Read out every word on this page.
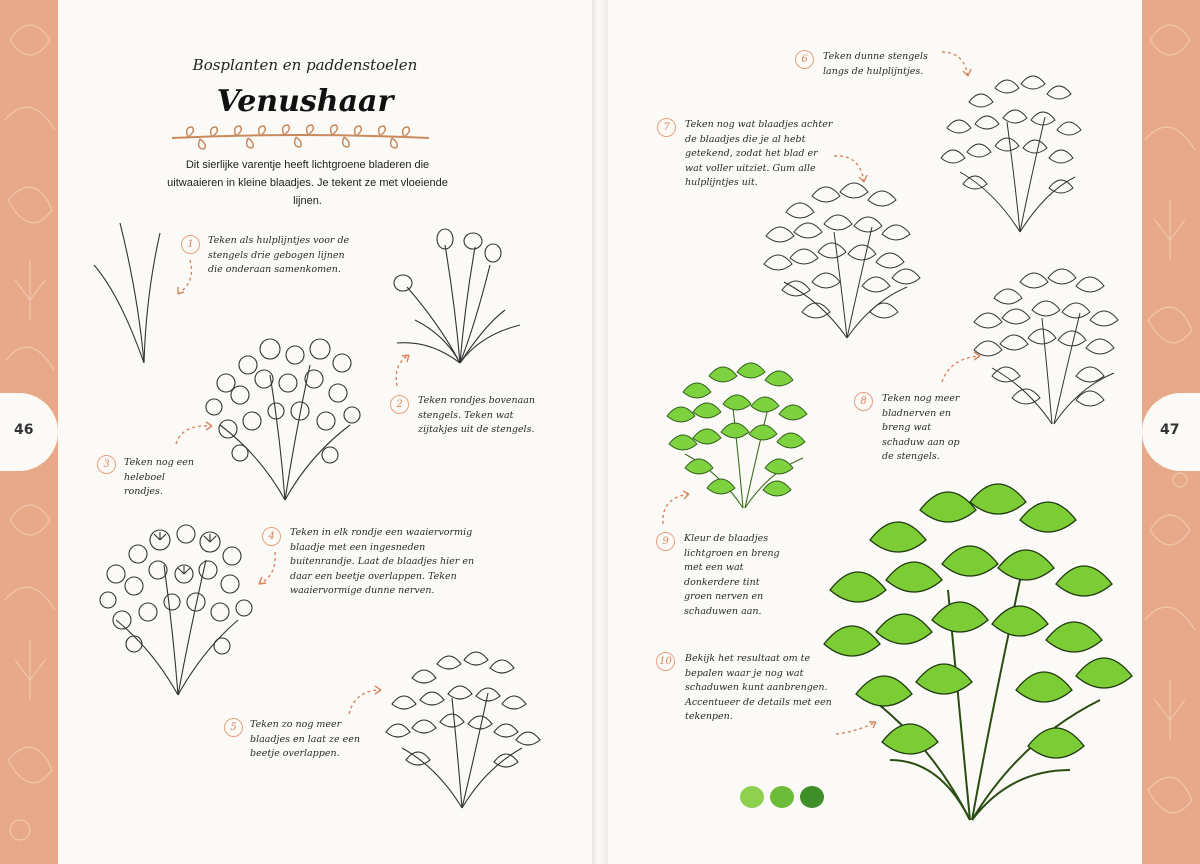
46	47
Bosplanten en paddenstoelen
Venushaar
Dit sierlijke varentje heeft lichtgroene bladeren die uitwaaieren in kleine blaadjes. Je tekent ze met vloeiende lijnen.
1	Teken als hulplijntjes voor de stengels drie gebogen lijnen die onderaan samenkomen.
2	Teken rondjes bovenaan stengels. Teken wat zijtakjes uit de stengels.
3	Teken nog een heleboel rondjes.
4	Teken in elk rondje een waaiervormig blaadje met een ingesneden buitenrandje. Laat de blaadjes hier en daar een beetje overlappen. Teken waaiervormige dunne nerven.
5	Teken zo nog meer blaadjes en laat ze een beetje overlappen.
6	Teken dunne stengels langs de hulplijntjes.
7	Teken nog wat blaadjes achter de blaadjes die je al hebt getekend, zodat het blad er wat voller uitziet. Gum alle hulplijntjes uit.
8	Teken nog meer bladnerven en breng wat schaduw aan op de stengels.
9	Kleur de blaadjes lichtgroen en breng met een wat donkerdere tint groen nerven en schaduwen aan.
10	Bekijk het resultaat om te bepalen waar je nog wat schaduwen kunt aanbrengen. Accentueer de details met een tekenpen.
